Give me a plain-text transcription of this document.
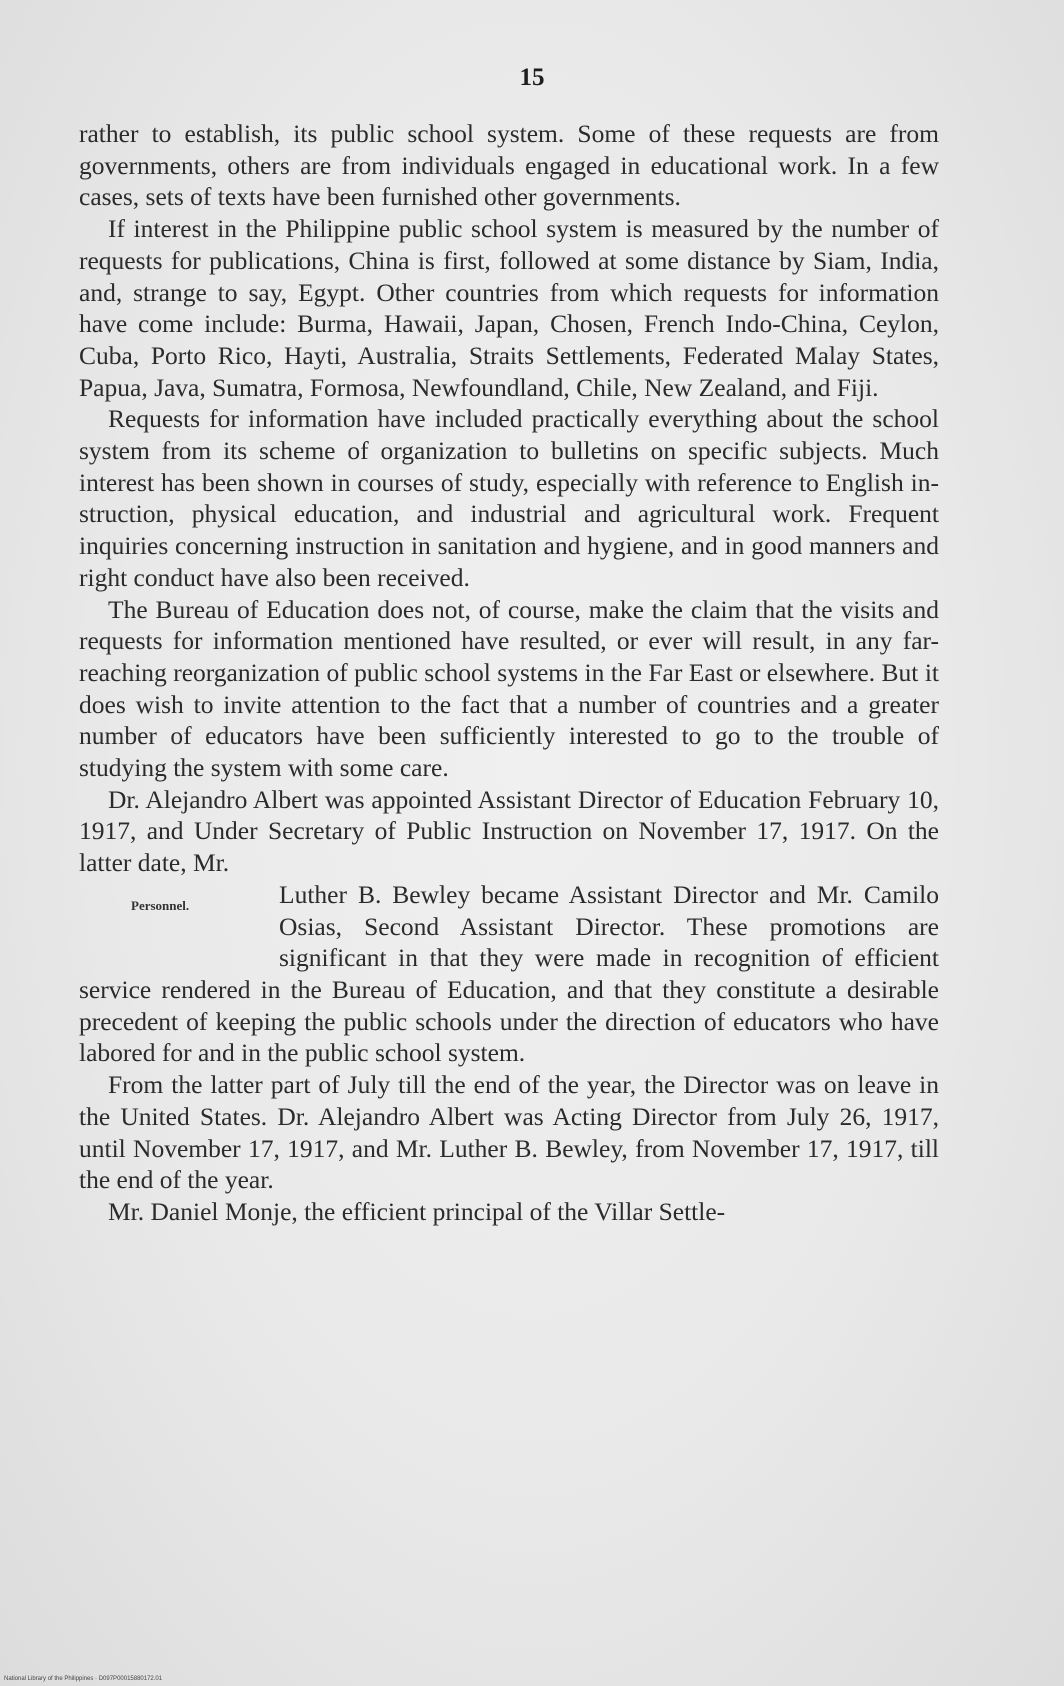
15

rather to establish, its public school system. Some of these requests are from governments, others are from individuals engaged in educational work. In a few cases, sets of texts have been furnished other governments.

If interest in the Philippine public school system is measured by the number of requests for publications, China is first, followed at some distance by Siam, India, and, strange to say, Egypt. Other countries from which requests for information have come include: Burma, Hawaii, Japan, Chosen, French Indo-China, Ceylon, Cuba, Porto Rico, Hayti, Australia, Straits Settlements, Federated Malay States, Papua, Java, Sumatra, Formosa, Newfoundland, Chile, New Zealand, and Fiji.

Requests for information have included practically everything about the school system from its scheme of organization to bulletins on specific subjects. Much interest has been shown in courses of study, especially with reference to English instruction, physical education, and industrial and agricultural work. Frequent inquiries concerning instruction in sanitation and hygiene, and in good manners and right conduct have also been received.

The Bureau of Education does not, of course, make the claim that the visits and requests for information mentioned have resulted, or ever will result, in any far-reaching reorganization of public school systems in the Far East or elsewhere. But it does wish to invite attention to the fact that a number of countries and a greater number of educators have been sufficiently interested to go to the trouble of studying the system with some care.

Dr. Alejandro Albert was appointed Assistant Director of Education February 10, 1917, and Under Secretary of Public Instruction on November 17, 1917. On the latter date, Mr.

Personnel.	Luther B. Bewley became Assistant Director and Mr. Camilo Osias, Second Assistant Director. These promotions are significant in that they were made in recognition of efficient service rendered in the Bureau of Education, and that they constitute a desirable precedent of keeping the public schools under the direction of educators who have labored for and in the public school system.

From the latter part of July till the end of the year, the Director was on leave in the United States. Dr. Alejandro Albert was Acting Director from July 26, 1917, until November 17, 1917, and Mr. Luther B. Bewley, from November 17, 1917, till the end of the year.

Mr. Daniel Monje, the efficient principal of the Villar Settle-

National Library of the Philippines · D097P00015880172.01
